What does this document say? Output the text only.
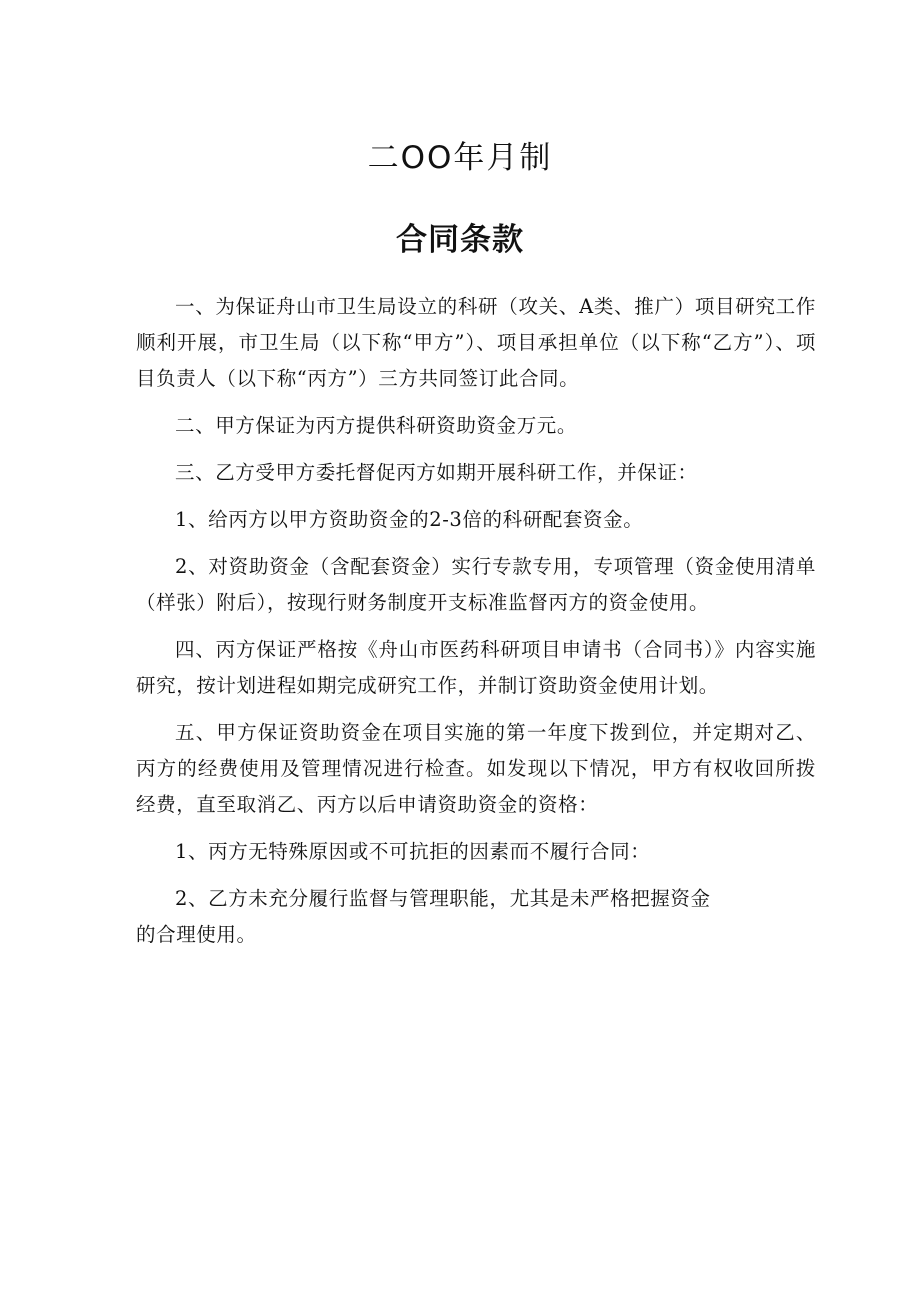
二OO年月制
合同条款

一、为保证舟山市卫生局设立的科研（攻关、A类、推广）项目研究工作顺利开展，市卫生局（以下称“甲方”）、项目承担单位（以下称“乙方”）、项目负责人（以下称“丙方”）三方共同签订此合同。

二、甲方保证为丙方提供科研资助资金万元。

三、乙方受甲方委托督促丙方如期开展科研工作，并保证：

1、给丙方以甲方资助资金的2-3倍的科研配套资金。

2、对资助资金（含配套资金）实行专款专用，专项管理（资金使用清单（样张）附后），按现行财务制度开支标准监督丙方的资金使用。

四、丙方保证严格按《舟山市医药科研项目申请书（合同书）》内容实施研究，按计划进程如期完成研究工作，并制订资助资金使用计划。

五、甲方保证资助资金在项目实施的第一年度下拨到位，并定期对乙、丙方的经费使用及管理情况进行检查。如发现以下情况，甲方有权收回所拨经费，直至取消乙、丙方以后申请资助资金的资格：

1、丙方无特殊原因或不可抗拒的因素而不履行合同：

2、乙方未充分履行监督与管理职能，尤其是未严格把握资金

的合理使用。
